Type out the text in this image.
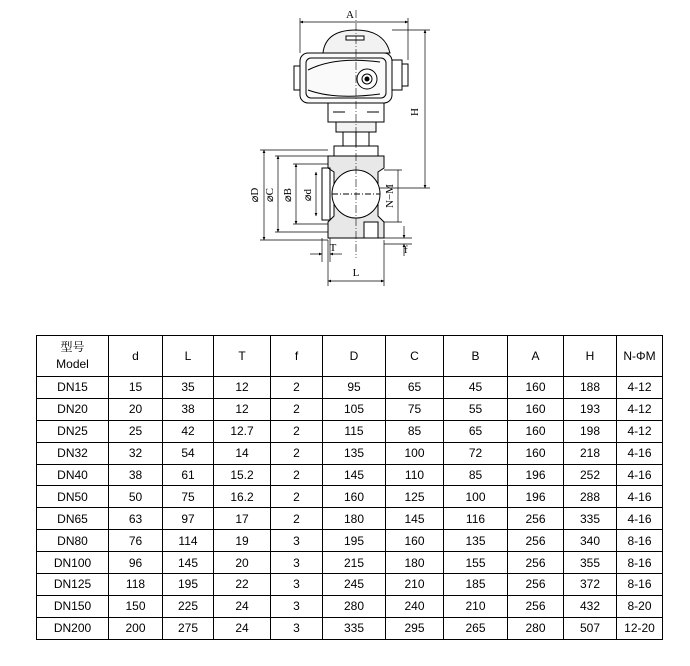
A
H
⌀D ⌀C ⌀B ⌀d	N−M
T	f
L
型号
Model	d	L	T	f	D	C	B	A	H	N-ΦM
DN15	15	35	12	2	95	65	45	160	188	4-12
DN20	20	38	12	2	105	75	55	160	193	4-12
DN25	25	42	12.7	2	115	85	65	160	198	4-12
DN32	32	54	14	2	135	100	72	160	218	4-16
DN40	38	61	15.2	2	145	110	85	196	252	4-16
DN50	50	75	16.2	2	160	125	100	196	288	4-16
DN65	63	97	17	2	180	145	116	256	335	4-16
DN80	76	114	19	3	195	160	135	256	340	8-16
DN100	96	145	20	3	215	180	155	256	355	8-16
DN125	118	195	22	3	245	210	185	256	372	8-16
DN150	150	225	24	3	280	240	210	256	432	8-20
DN200	200	275	24	3	335	295	265	280	507	12-20
